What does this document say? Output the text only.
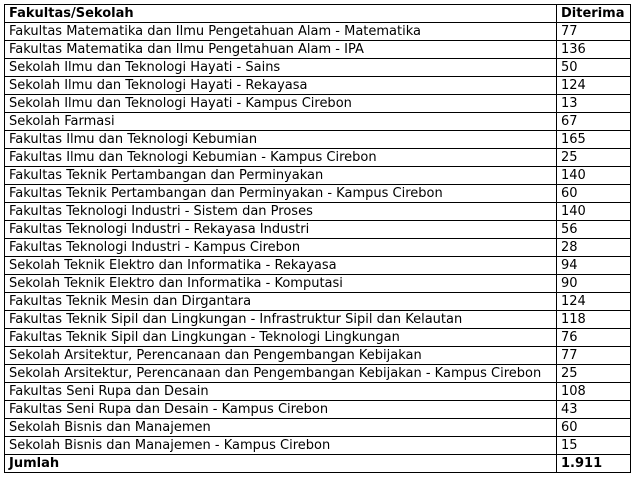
Fakultas/Sekolah	Diterima
Fakultas Matematika dan Ilmu Pengetahuan Alam - Matematika	77
Fakultas Matematika dan Ilmu Pengetahuan Alam - IPA	136
Sekolah Ilmu dan Teknologi Hayati - Sains	50
Sekolah Ilmu dan Teknologi Hayati - Rekayasa	124
Sekolah Ilmu dan Teknologi Hayati - Kampus Cirebon	13
Sekolah Farmasi	67
Fakultas Ilmu dan Teknologi Kebumian	165
Fakultas Ilmu dan Teknologi Kebumian - Kampus Cirebon	25
Fakultas Teknik Pertambangan dan Perminyakan	140
Fakultas Teknik Pertambangan dan Perminyakan - Kampus Cirebon	60
Fakultas Teknologi Industri - Sistem dan Proses	140
Fakultas Teknologi Industri - Rekayasa Industri	56
Fakultas Teknologi Industri - Kampus Cirebon	28
Sekolah Teknik Elektro dan Informatika - Rekayasa	94
Sekolah Teknik Elektro dan Informatika - Komputasi	90
Fakultas Teknik Mesin dan Dirgantara	124
Fakultas Teknik Sipil dan Lingkungan - Infrastruktur Sipil dan Kelautan	118
Fakultas Teknik Sipil dan Lingkungan - Teknologi Lingkungan	76
Sekolah Arsitektur, Perencanaan dan Pengembangan Kebijakan	77
Sekolah Arsitektur, Perencanaan dan Pengembangan Kebijakan - Kampus Cirebon	25
Fakultas Seni Rupa dan Desain	108
Fakultas Seni Rupa dan Desain - Kampus Cirebon	43
Sekolah Bisnis dan Manajemen	60
Sekolah Bisnis dan Manajemen - Kampus Cirebon	15
Jumlah	1.911
